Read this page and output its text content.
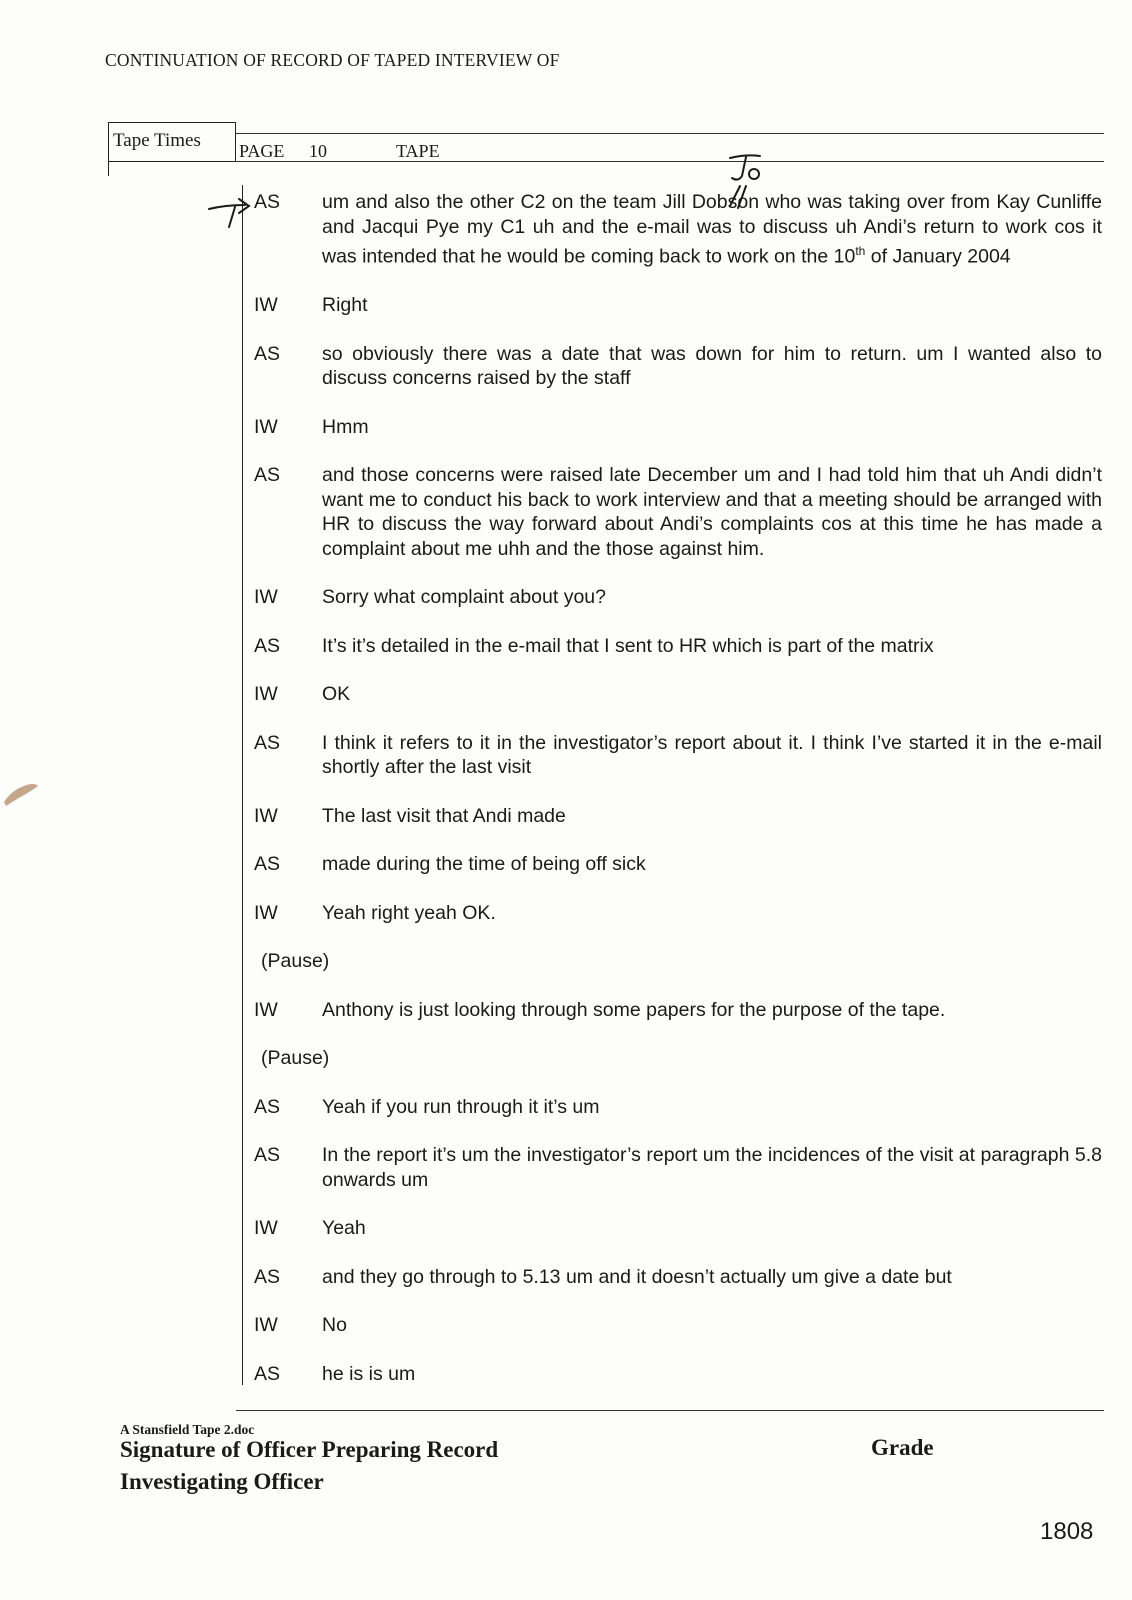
CONTINUATION OF RECORD OF TAPED INTERVIEW OF
Tape Times	PAGE 10	TAPE
AS	um and also the other C2 on the team Jill Dobson who was taking over from Kay Cunliffe and Jacqui Pye my C1 uh and the e-mail was to discuss uh Andi’s return to work cos it was intended that he would be coming back to work on the 10th of January 2004
IW	Right
AS	so obviously there was a date that was down for him to return. um I wanted also to discuss concerns raised by the staff
IW	Hmm
AS	and those concerns were raised late December um and I had told him that uh Andi didn’t want me to conduct his back to work interview and that a meeting should be arranged with HR to discuss the way forward about Andi’s complaints cos at this time he has made a complaint about me uhh and the those against him.
IW	Sorry what complaint about you?
AS	It’s it’s detailed in the e-mail that I sent to HR which is part of the matrix
IW	OK
AS	I think it refers to it in the investigator’s report about it. I think I’ve started it in the e-mail shortly after the last visit
IW	The last visit that Andi made
AS	made during the time of being off sick
IW	Yeah right yeah OK.
(Pause)
IW	Anthony is just looking through some papers for the purpose of the tape.
(Pause)
AS	Yeah if you run through it it’s um
AS	In the report it’s um the investigator’s report um the incidences of the visit at paragraph 5.8 onwards um
IW	Yeah
AS	and they go through to 5.13 um and it doesn’t actually um give a date but
IW	No
AS	he is is um
A Stansfield Tape 2.doc
Signature of Officer Preparing Record
Investigating Officer
Grade
1808
